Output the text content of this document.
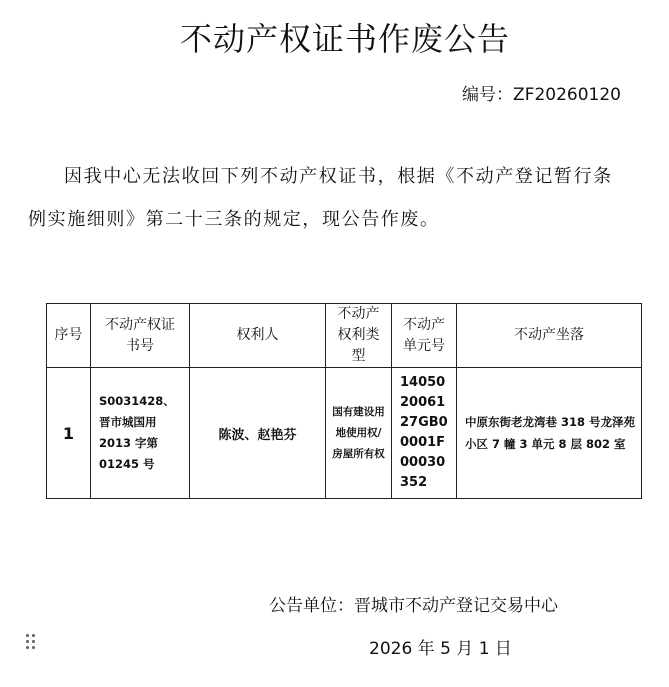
不动产权证书作废公告
编号：ZF20260120

因我中心无法收回下列不动产权证书，根据《不动产登记暂行条例实施细则》第二十三条的规定，现公告作废。

序号	不动产权证书号	权利人	不动产权利类型	不动产单元号	不动产坐落
1	S0031428、晋市城国用 2013 字第 01245 号	陈波、赵艳芬	国有建设用地使用权/房屋所有权	140502006127GB00001F00030352	中原东街老龙湾巷 318 号龙泽苑小区 7 幢 3 单元 8 层 802 室
公告单位：晋城市不动产登记交易中心
2026 年 5 月 1 日
